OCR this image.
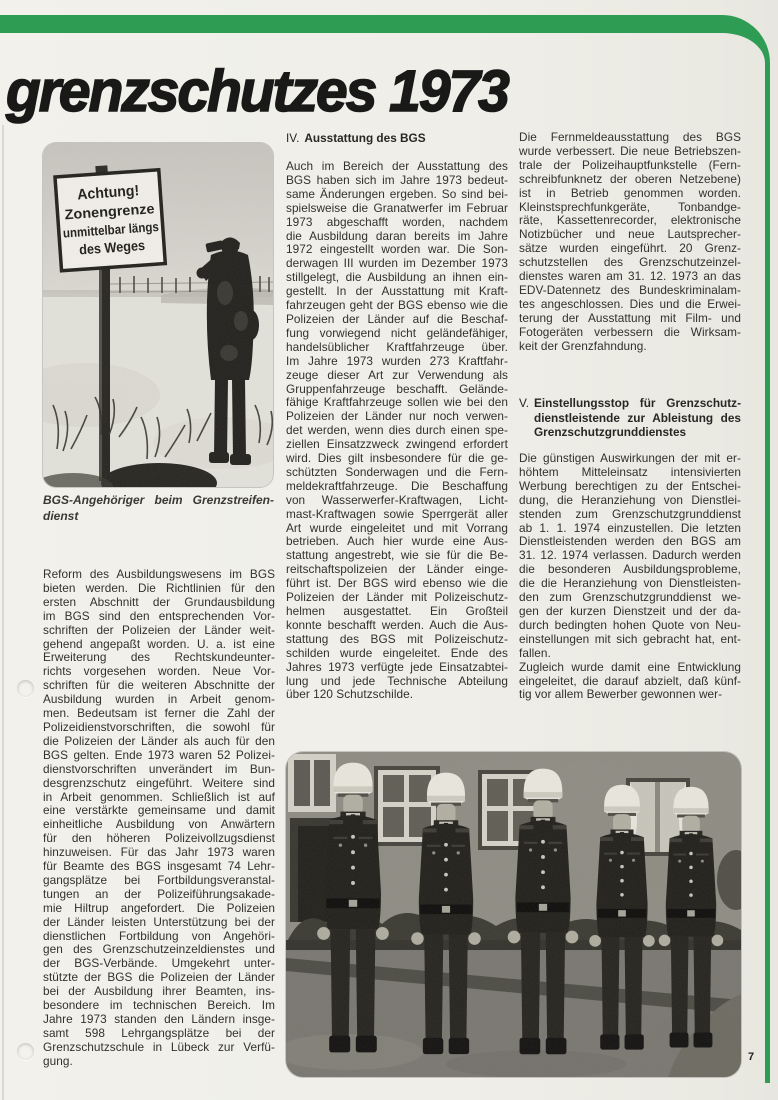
grenzschutzes 1973
Achtung!
Zonengrenze
unmittelbar längs
des Weges
BGS-Angehöriger beim Grenzstreifen-
dienst
Reform des Ausbildungswesens im BGS
bieten werden. Die Richtlinien für den
ersten Abschnitt der Grundausbildung
im BGS sind den entsprechenden Vor-
schriften der Polizeien der Länder weit-
gehend angepaßt worden. U. a. ist eine
Erweiterung des Rechtskundeunter-
richts vorgesehen worden. Neue Vor-
schriften für die weiteren Abschnitte der
Ausbildung wurden in Arbeit genom-
men. Bedeutsam ist ferner die Zahl der
Polizeidienstvorschriften, die sowohl für
die Polizeien der Länder als auch für den
BGS gelten. Ende 1973 waren 52 Polizei-
dienstvorschriften unverändert im Bun-
desgrenzschutz eingeführt. Weitere sind
in Arbeit genommen. Schließlich ist auf
eine verstärkte gemeinsame und damit
einheitliche Ausbildung von Anwärtern
für den höheren Polizeivollzugsdienst
hinzuweisen. Für das Jahr 1973 waren
für Beamte des BGS insgesamt 74 Lehr-
gangsplätze bei Fortbildungsveranstal-
tungen an der Polizeiführungsakade-
mie Hiltrup angefordert. Die Polizeien
der Länder leisten Unterstützung bei der
dienstlichen Fortbildung von Angehöri-
gen des Grenzschutzeinzeldienstes und
der BGS-Verbände. Umgekehrt unter-
stützte der BGS die Polizeien der Länder
bei der Ausbildung ihrer Beamten, ins-
besondere im technischen Bereich. Im
Jahre 1973 standen den Ländern insge-
samt 598 Lehrgangsplätze bei der
Grenzschutzschule in Lübeck zur Verfü-
gung.
IV. Ausstattung des BGS
Auch im Bereich der Ausstattung des
BGS haben sich im Jahre 1973 bedeut-
same Änderungen ergeben. So sind bei-
spielsweise die Granatwerfer im Februar
1973 abgeschafft worden, nachdem
die Ausbildung daran bereits im Jahre
1972 eingestellt worden war. Die Son-
derwagen III wurden im Dezember 1973
stillgelegt, die Ausbildung an ihnen ein-
gestellt. In der Ausstattung mit Kraft-
fahrzeugen geht der BGS ebenso wie die
Polizeien der Länder auf die Beschaf-
fung vorwiegend nicht geländefähiger,
handelsüblicher Kraftfahrzeuge über.
Im Jahre 1973 wurden 273 Kraftfahr-
zeuge dieser Art zur Verwendung als
Gruppenfahrzeuge beschafft. Gelände-
fähige Kraftfahrzeuge sollen wie bei den
Polizeien der Länder nur noch verwen-
det werden, wenn dies durch einen spe-
ziellen Einsatzzweck zwingend erfordert
wird. Dies gilt insbesondere für die ge-
schützten Sonderwagen und die Fern-
meldekraftfahrzeuge. Die Beschaffung
von Wasserwerfer-Kraftwagen, Licht-
mast-Kraftwagen sowie Sperrgerät aller
Art wurde eingeleitet und mit Vorrang
betrieben. Auch hier wurde eine Aus-
stattung angestrebt, wie sie für die Be-
reitschaftspolizeien der Länder einge-
führt ist. Der BGS wird ebenso wie die
Polizeien der Länder mit Polizeischutz-
helmen ausgestattet. Ein Großteil
konnte beschafft werden. Auch die Aus-
stattung des BGS mit Polizeischutz-
schilden wurde eingeleitet. Ende des
Jahres 1973 verfügte jede Einsatzabtei-
lung und jede Technische Abteilung
über 120 Schutzschilde.
Die Fernmeldeausstattung des BGS
wurde verbessert. Die neue Betriebszen-
trale der Polizeihauptfunkstelle (Fern-
schreibfunknetz der oberen Netzebene)
ist in Betrieb genommen worden.
Kleinstsprechfunkgeräte, Tonbandge-
räte, Kassettenrecorder, elektronische
Notizbücher und neue Lautsprecher-
sätze wurden eingeführt. 20 Grenz-
schutzstellen des Grenzschutzeinzel-
dienstes waren am 31. 12. 1973 an das
EDV-Datennetz des Bundeskriminalam-
tes angeschlossen. Dies und die Erwei-
terung der Ausstattung mit Film- und
Fotogeräten verbessern die Wirksam-
keit der Grenzfahndung.
V. Einstellungsstop für Grenzschutz-
dienstleistende zur Ableistung des
Grenzschutzgrunddienstes
Die günstigen Auswirkungen der mit er-
höhtem Mitteleinsatz intensivierten
Werbung berechtigen zu der Entschei-
dung, die Heranziehung von Dienstlei-
stenden zum Grenzschutzgrunddienst
ab 1. 1. 1974 einzustellen. Die letzten
Dienstleistenden werden den BGS am
31. 12. 1974 verlassen. Dadurch werden
die besonderen Ausbildungsprobleme,
die die Heranziehung von Dienstleisten-
den zum Grenzschutzgrunddienst we-
gen der kurzen Dienstzeit und der da-
durch bedingten hohen Quote von Neu-
einstellungen mit sich gebracht hat, ent-
fallen.
Zugleich wurde damit eine Entwicklung
eingeleitet, die darauf abzielt, daß künf-
tig vor allem Bewerber gewonnen wer-
7
